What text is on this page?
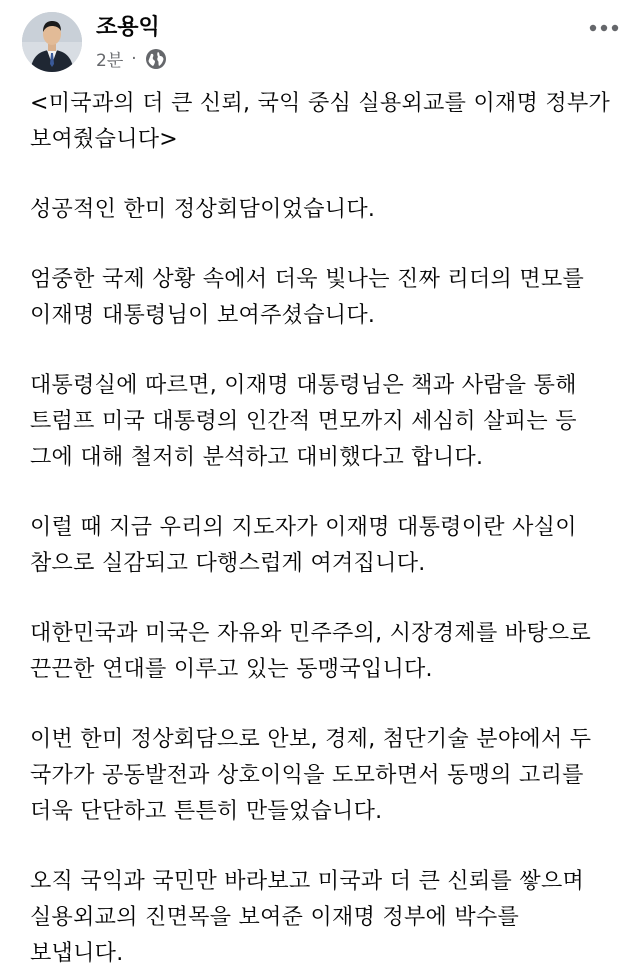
조용익
2분 ·

<미국과의 더 큰 신뢰, 국익 중심 실용외교를 이재명 정부가
보여줬습니다>

성공적인 한미 정상회담이었습니다.

엄중한 국제 상황 속에서 더욱 빛나는 진짜 리더의 면모를
이재명 대통령님이 보여주셨습니다.

대통령실에 따르면, 이재명 대통령님은 책과 사람을 통해
트럼프 미국 대통령의 인간적 면모까지 세심히 살피는 등
그에 대해 철저히 분석하고 대비했다고 합니다.

이럴 때 지금 우리의 지도자가 이재명 대통령이란 사실이
참으로 실감되고 다행스럽게 여겨집니다.

대한민국과 미국은 자유와 민주주의, 시장경제를 바탕으로
끈끈한 연대를 이루고 있는 동맹국입니다.

이번 한미 정상회담으로 안보, 경제, 첨단기술 분야에서 두
국가가 공동발전과 상호이익을 도모하면서 동맹의 고리를
더욱 단단하고 튼튼히 만들었습니다.

오직 국익과 국민만 바라보고 미국과 더 큰 신뢰를 쌓으며
실용외교의 진면목을 보여준 이재명 정부에 박수를
보냅니다.
